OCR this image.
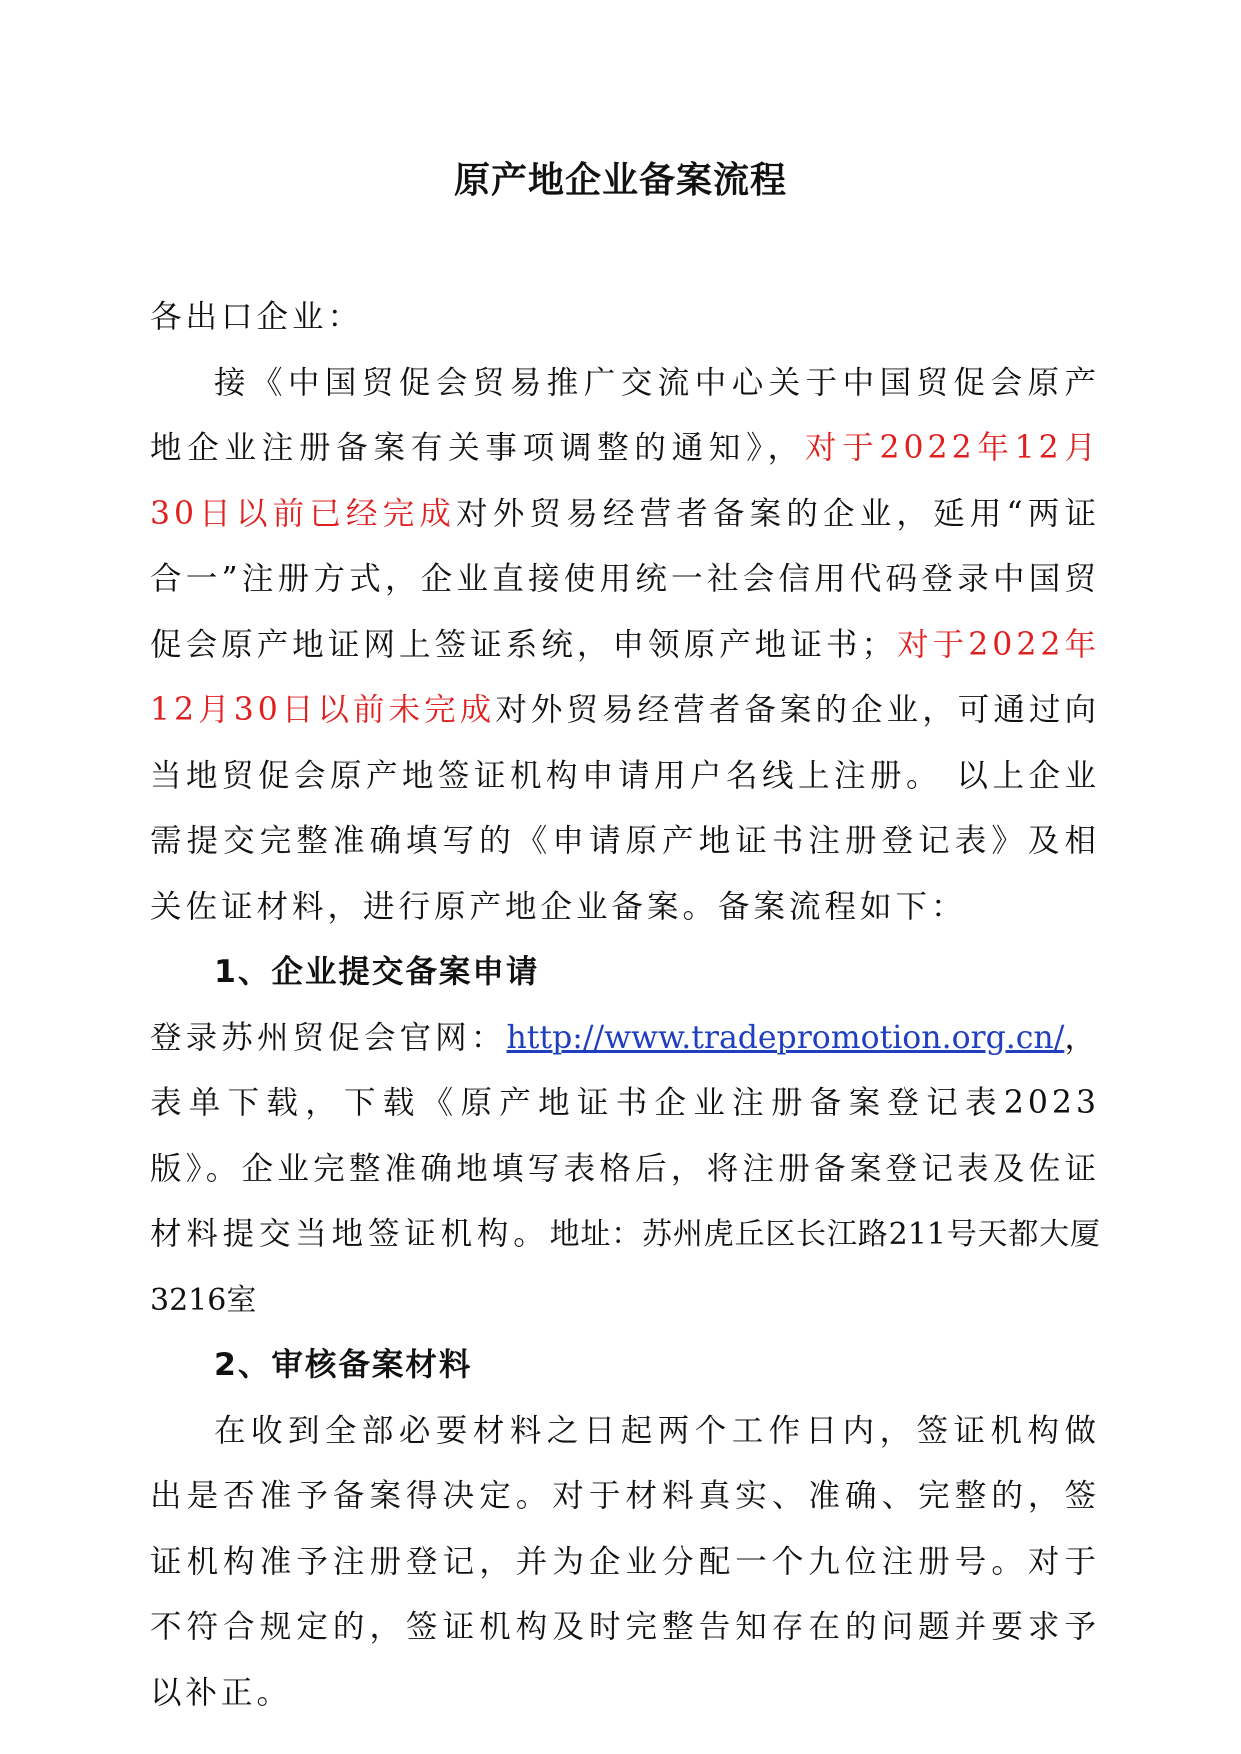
原产地企业备案流程

各出口企业：

接《中国贸促会贸易推广交流中心关于中国贸促会原产地企业注册备案有关事项调整的通知》，对于2022年12月30日以前已经完成对外贸易经营者备案的企业，延用“两证合一”注册方式，企业直接使用统一社会信用代码登录中国贸促会原产地证网上签证系统，申领原产地证书；对于2022年12月30日以前未完成对外贸易经营者备案的企业，可通过向当地贸促会原产地签证机构申请用户名线上注册。 以上企业需提交完整准确填写的《申请原产地证书注册登记表》及相关佐证材料，进行原产地企业备案。备案流程如下：

1、企业提交备案申请

登录苏州贸促会官网：http://www.tradepromotion.org.cn/，表单下载，下载《原产地证书企业注册备案登记表2023版》。企业完整准确地填写表格后，将注册备案登记表及佐证材料提交当地签证机构。地址：苏州虎丘区长江路211号天都大厦3216室

2、审核备案材料

在收到全部必要材料之日起两个工作日内，签证机构做出是否准予备案得决定。对于材料真实、准确、完整的，签证机构准予注册登记，并为企业分配一个九位注册号。对于不符合规定的，签证机构及时完整告知存在的问题并要求予以补正。
